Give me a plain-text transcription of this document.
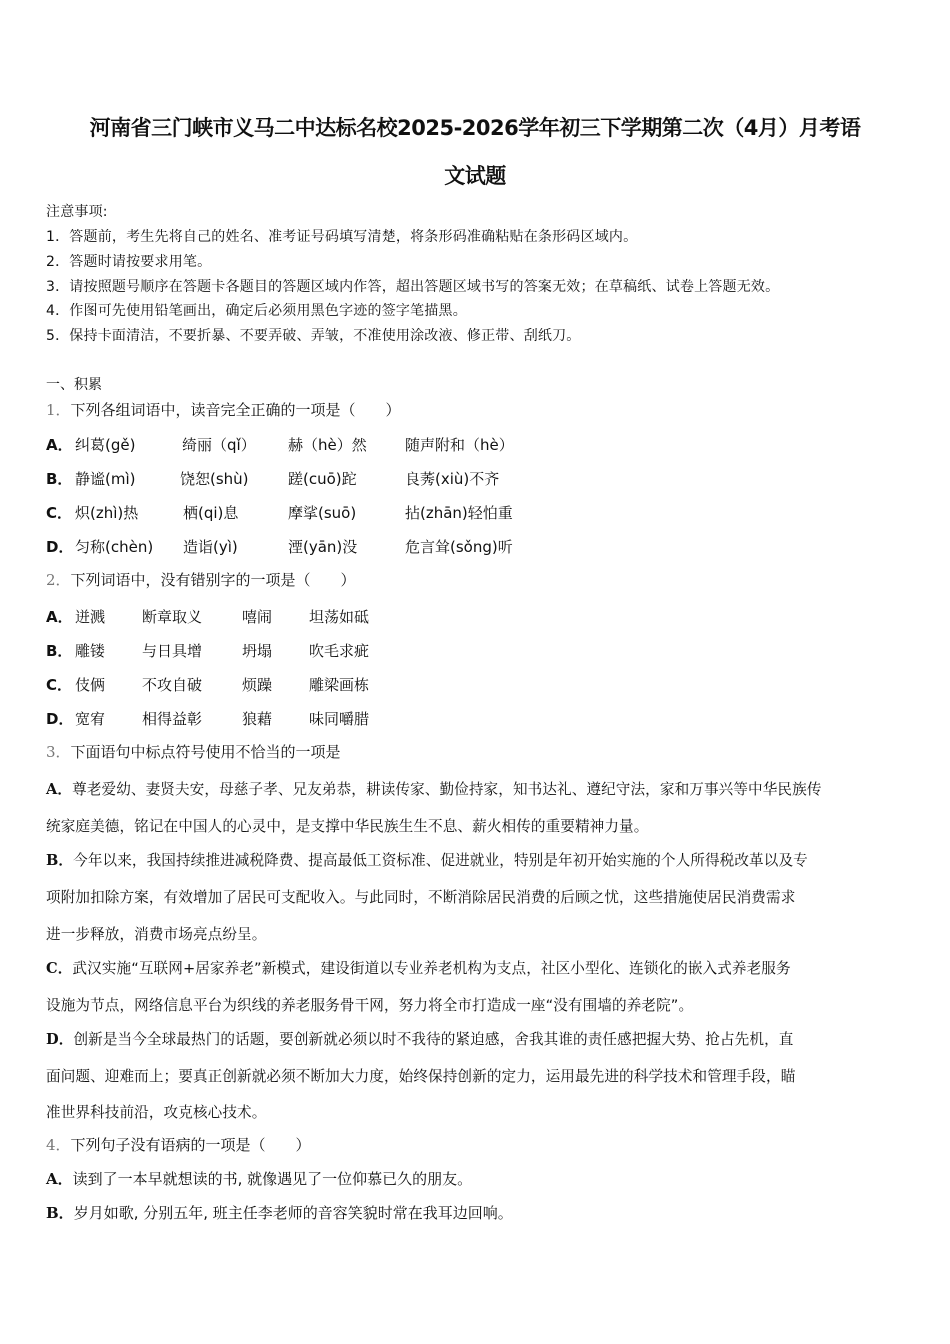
河南省三门峡市义马二中达标名校2025-2026学年初三下学期第二次（4月）月考语
文试题
注意事项:
1．答题前，考生先将自己的姓名、准考证号码填写清楚，将条形码准确粘贴在条形码区域内。
2．答题时请按要求用笔。
3．请按照题号顺序在答题卡各题目的答题区域内作答，超出答题区域书写的答案无效；在草稿纸、试卷上答题无效。
4．作图可先使用铅笔画出，确定后必须用黑色字迹的签字笔描黑。
5．保持卡面清洁，不要折暴、不要弄破、弄皱，不准使用涂改液、修正带、刮纸刀。
一、积累
1．下列各组词语中，读音完全正确的一项是（　　）
A． 纠葛(gě)	绮丽（qǐ） 赫（hè）然	随声附和（hè）
B． 静谧(mì)	饶恕(shù)	蹉(cuō)跎	良莠(xiù)不齐
C． 炽(zhì)热	栖(qi)息	摩挲(suō)	拈(zhān)轻怕重
D． 匀称(chèn) 造诣(yì)	湮(yān)没	危言耸(sǒng)听
2．下列词语中，没有错别字的一项是（　　）
A． 迸溅 断章取义	嘻闹 坦荡如砥
B． 雕镂 与日具增	坍塌 吹毛求疵
C． 伎俩 不攻自破	烦躁 雕梁画栋
D． 宽宥 相得益彰	狼藉 味同嚼腊
3．下面语句中标点符号使用不恰当的一项是
A．尊老爱幼、妻贤夫安，母慈子孝、兄友弟恭，耕读传家、勤俭持家，知书达礼、遵纪守法，家和万事兴等中华民族传
统家庭美德，铭记在中国人的心灵中，是支撑中华民族生生不息、薪火相传的重要精神力量。
B．今年以来，我国持续推进减税降费、提高最低工资标准、促进就业，特别是年初开始实施的个人所得税改革以及专
项附加扣除方案，有效增加了居民可支配收入。与此同时，不断消除居民消费的后顾之忧，这些措施使居民消费需求
进一步释放，消费市场亮点纷呈。
C．武汉实施“互联网+居家养老”新模式，建设街道以专业养老机构为支点，社区小型化、连锁化的嵌入式养老服务
设施为节点，网络信息平台为织线的养老服务骨干网，努力将全市打造成一座“没有围墙的养老院”。
D．创新是当今全球最热门的话题，要创新就必须以时不我待的紧迫感，舍我其谁的责任感把握大势、抢占先机，直
面问题、迎难而上；要真正创新就必须不断加大力度，始终保持创新的定力，运用最先进的科学技术和管理手段，瞄
准世界科技前沿，攻克核心技术。
4．下列句子没有语病的一项是（　　）
A．读到了一本早就想读的书, 就像遇见了一位仰慕已久的朋友。
B．岁月如歌, 分别五年, 班主任李老师的音容笑貌时常在我耳边回响。
